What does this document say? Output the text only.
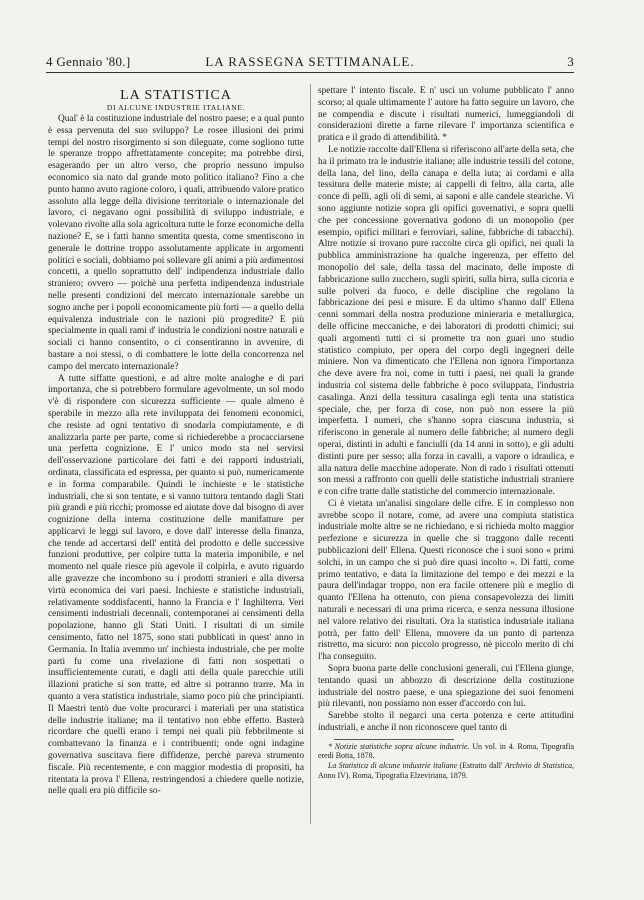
4 Gennaio '80.]	LA RASSEGNA SETTIMANALE.	3
LA STATISTICA
DI ALCUNE INDUSTRIE ITALIANE.

Qual' è la costituzione industriale del nostro paese; e a qual punto è essa pervenuta del suo sviluppo? Le rosee illusioni dei primi tempi del nostro risorgimento si son dileguate, come sogliono tutte le speranze troppo affrettatamente concepite; ma potrebbe dirsi, esagerando per un altro verso, che proprio nessuno impulso economico sia nato dal grande moto politico italiano? Fino a che punto hanno avuto ragione coloro, i quali, attribuendo valore pratico assoluto alla legge della divisione territoriale o internazionale del lavoro, ci negavano ogni possibilità di sviluppo industriale, e volevano rivolte alla sola agricoltura tutte le forze economiche della nazione? E, se i fatti hanno smentita questa, come smentiscono in generale le dottrine troppo assolutamente applicate in argomenti politici e sociali, dobbiamo poi sollevare gli animi a più ardimentosi concetti, a quello soprattutto dell' indipendenza industriale dallo straniero; ovvero — poichè una perfetta indipendenza industriale nelle presenti condizioni del mercato internazionale sarebbe un sogno anche per i popoli economicamente più forti — a quello della equivalenza industriale con le nazioni più progredite? E più specialmente in quali rami d' industria le condizioni nostre naturali e sociali ci hanno consentito, o ci consentiranno in avvenire, di bastare a noi stessi, o di combattere le lotte della concorrenza nel campo del mercato internazionale?

A tutte siffatte questioni, e ad altre molte analoghe e di pari importanza, che si potrebbero formulare agevolmente, un sol modo v'è di rispondere con sicurezza sufficiente — quale almeno è sperabile in mezzo alla rete inviluppata dei fenomeni economici, che resiste ad ogni tentativo di snodarla compiutamente, e di analizzarla parte per parte, come si richiederebbe a procacciarsene una perfetta cognizione. E l' unico modo sta nel servirsi dell'osservazione particolare dei fatti e dei rapporti industriali, ordinata, classificata ed espressa, per quanto si può, numericamente e in forma comparabile. Quindi le inchieste e le statistiche industriali, che si son tentate, e si vanno tuttora tentando dagli Stati più grandi e più ricchi; promosse ed aiutate dove dal bisogno di aver cognizione della interna costituzione delle manifatture per applicarvi le leggi sul lavoro, e dove dall' interesse della finanza, che tende ad accertarsi dell' entità del prodotto e delle successive funzioni produttive, per colpire tutta la materia imponibile, e nel momento nel quale riesce più agevole il colpirla, e avuto riguardo alle gravezze che incombono su i prodotti stranieri e alla diversa virtù economica dei vari paesi. Inchieste e statistiche industriali, relativamente soddisfacenti, hanno la Francia e l' Inghilterra. Veri censimenti industriali decennali, contemporanei ai censimenti della popolazione, hanno gli Stati Uniti. I risultati di un simile censimento, fatto nel 1875, sono stati pubblicati in quest' anno in Germania. In Italia avemmo un' inchiesta industriale, che per molte parti fu come una rivelazione di fatti non sospettati o insufficientemente curati, e dagli atti della quale parecchie utili illazioni pratiche si son tratte, ed altre si potranno trarre. Ma in quanto a vera statistica industriale, siamo poco più che principianti. Il Maestri tentò due volte procurarci i materiali per una statistica delle industrie italiane; ma il tentativo non ebbe effetto. Basterà ricordare che quelli erano i tempi nei quali più febbrilmente si combattevano la finanza e i contribuenti; onde ogni indagine governativa suscitava fiere diffidenze, perchè pareva strumento fiscale. Più recentemente, e con maggior modestia di propositi, ha ritentata la prova l' Ellena, restringendosi a chiedere quelle notizie, nelle quali era più difficile so-

spettare l' intento fiscale. E n' uscì un volume pubblicato l' anno scorso; al quale ultimamente l' autore ha fatto seguire un lavoro, che ne compendia e discute i risultati numerici, lumeggiandoli di considerazioni dirette a farne rilevare l' importanza scientifica e pratica e il grado di attendibilità. *

Le notizie raccolte dall'Ellena si riferiscono all'arte della seta, che ha il primato tra le industrie italiane; alle industrie tessili del cotone, della lana, del lino, della canapa e della iuta; ai cordami e alla tessitura delle materie miste; ai cappelli di feltro, alla carta, alle conce di pelli, agli oli di semi, ai saponi e alle candele steariche. Vi sono aggiunte notizie sopra gli opifici governativi, e sopra quelli che per concessione governativa godono di un monopolio (per esempio, opifici militari e ferroviari, saline, fabbriche di tabacchi). Altre notizie si trovano pure raccolte circa gli opifici, nei quali la pubblica amministrazione ha qualche ingerenza, per effetto del monopolio del sale, della tassa del macinato, delle imposte di fabbricazione sullo zucchero, sugli spiriti, sulla birra, sulla cicoria e sulle polveri da fuoco, e delle discipline che regolano la fabbricazione dei pesi e misure. E da ultimo s'hanno dall' Ellena cenni sommari della nostra produzione minieraria e metallurgica, delle officine meccaniche, e dei laboratori di prodotti chimici; sui quali argomenti tutti ci si promette tra non guari uno studio statistico compiuto, per opera del corpo degli ingegneri delle miniere. Non va dimenticato che l'Ellena non ignora l'importanza che deve avere fra noi, come in tutti i paesi, nei quali la grande industria col sistema delle fabbriche è poco sviluppata, l'industria casalinga. Anzi della tessitura casalinga egli tenta una statistica speciale, che, per forza di cose, non può non essere la più imperfetta. I numeri, che s'hanno sopra ciascuna industria, si riferiscono in generale al numero delle fabbriche; al numero degli operai, distinti in adulti e fanciulli (da 14 anni in sotto), e gli adulti distinti pure per sesso; alla forza in cavalli, a vapore o idraulica, e alla natura delle macchine adoperate. Non di rado i risultati ottenuti son messi a raffronto con quelli delle statistiche industriali straniere e con cifre tratte dalle statistiche del commercio internazionale.

Ci è vietata un'analisi singolare delle cifre. E in complesso non avrebbe scopo il notare, come, ad avere una compiuta statistica industriale molte altre se ne richiedano, e si richieda molto maggior perfezione e sicurezza in quelle che si traggono dalle recenti pubblicazioni dell' Ellena. Questi riconosce che i suoi sono « primi solchi, in un campo che si può dire quasi incolto ». Di fatti, come primo tentativo, e data la limitazione del tempo e dei mezzi e la paura dell'indagar troppo, non era facile ottenere più e meglio di quanto l'Ellena ha ottenuto, con piena consapevolezza dei limiti naturali e necessari di una prima ricerca, e senza nessuna illusione nel valore relativo dei risultati. Ora la statistica industriale italiana potrà, per fatto dell' Ellena, muovere da un punto di partenza ristretto, ma sicuro: non piccolo progresso, nè piccolo merito di chi l'ha conseguito.

Sopra buona parte delle conclusioni generali, cui l'Ellena giunge, tentando quasi un abbozzo di descrizione della costituzione industriale del nostro paese, e una spiegazione dei suoi fenomeni più rilevanti, non possiamo non esser d'accordo con lui.

Sarebbe stolto il negarci una certa potenza e certe attitudini industriali, e anche il non riconoscere quel tanto di

* Notizie statistiche sopra alcune industrie. Un vol. in 4. Roma, Tipografia eredi Botta, 1878.

La Statistica di alcune industrie italiane (Estratto dall' Archivio di Statistica, Anno IV). Roma, Tipografia Elzeviriana, 1879.
